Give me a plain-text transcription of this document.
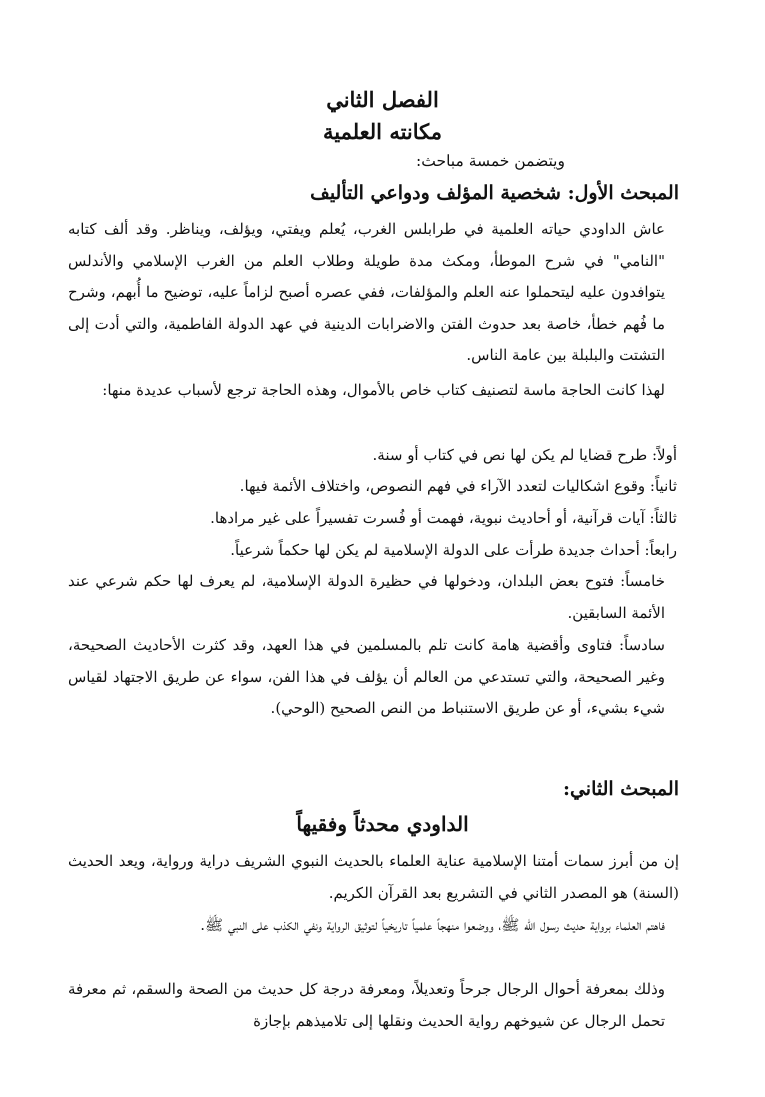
الفصل الثاني
مكانته العلمية
ويتضمن خمسة مباحث:
المبحث الأول: شخصية المؤلف ودواعي التأليف
عاش الداودي حياته العلمية في طرابلس الغرب، يُعلم ويفتي، ويؤلف، ويناظر. وقد ألف كتابه "النامي" في شرح الموطأ، ومكث مدة طويلة وطلاب العلم من الغرب الإسلامي والأندلس يتوافدون عليه ليتحملوا عنه العلم والمؤلفات، ففي عصره أصبح لزاماً عليه، توضيح ما أُبهم، وشرح ما فُهم خطأ، خاصة بعد حدوث الفتن والاضرابات الدينية في عهد الدولة الفاطمية، والتي أدت إلى التشتت والبلبلة بين عامة الناس.
لهذا كانت الحاجة ماسة لتصنيف كتاب خاص بالأموال، وهذه الحاجة ترجع لأسباب عديدة منها:
أولاً: طرح قضايا لم يكن لها نص في كتاب أو سنة.
ثانياً: وقوع اشكاليات لتعدد الآراء في فهم النصوص، واختلاف الأئمة فيها.
ثالثاً: آيات قرآنية، أو أحاديث نبوية، فهمت أو فُسرت تفسيراً على غير مرادها.
رابعاً: أحداث جديدة طرأت على الدولة الإسلامية لم يكن لها حكماً شرعياً.
خامساً: فتوح بعض البلدان، ودخولها في حظيرة الدولة الإسلامية، لم يعرف لها حكم شرعي عند الأئمة السابقين.
سادساً: فتاوى وأقضية هامة كانت تلم بالمسلمين في هذا العهد، وقد كثرت الأحاديث الصحيحة، وغير الصحيحة، والتي تستدعي من العالم أن يؤلف في هذا الفن، سواء عن طريق الاجتهاد لقياس شيء بشيء، أو عن طريق الاستنباط من النص الصحيح (الوحي).
المبحث الثاني:
الداودي محدثاً وفقيهاً
إن من أبرز سمات أمتنا الإسلامية عناية العلماء بالحديث النبوي الشريف دراية ورواية، ويعد الحديث (السنة) هو المصدر الثاني في التشريع بعد القرآن الكريم.
فاهتم العلماء برواية حديث رسول الله ﷺ، ووضعوا منهجاً علمياً تاريخياً لتوثيق الرواية ونفي الكذب على النبي ﷺ.
وذلك بمعرفة أحوال الرجال جرحاً وتعديلاً، ومعرفة درجة كل حديث من الصحة والسقم، ثم معرفة تحمل الرجال عن شيوخهم رواية الحديث ونقلها إلى تلاميذهم بإجازة
